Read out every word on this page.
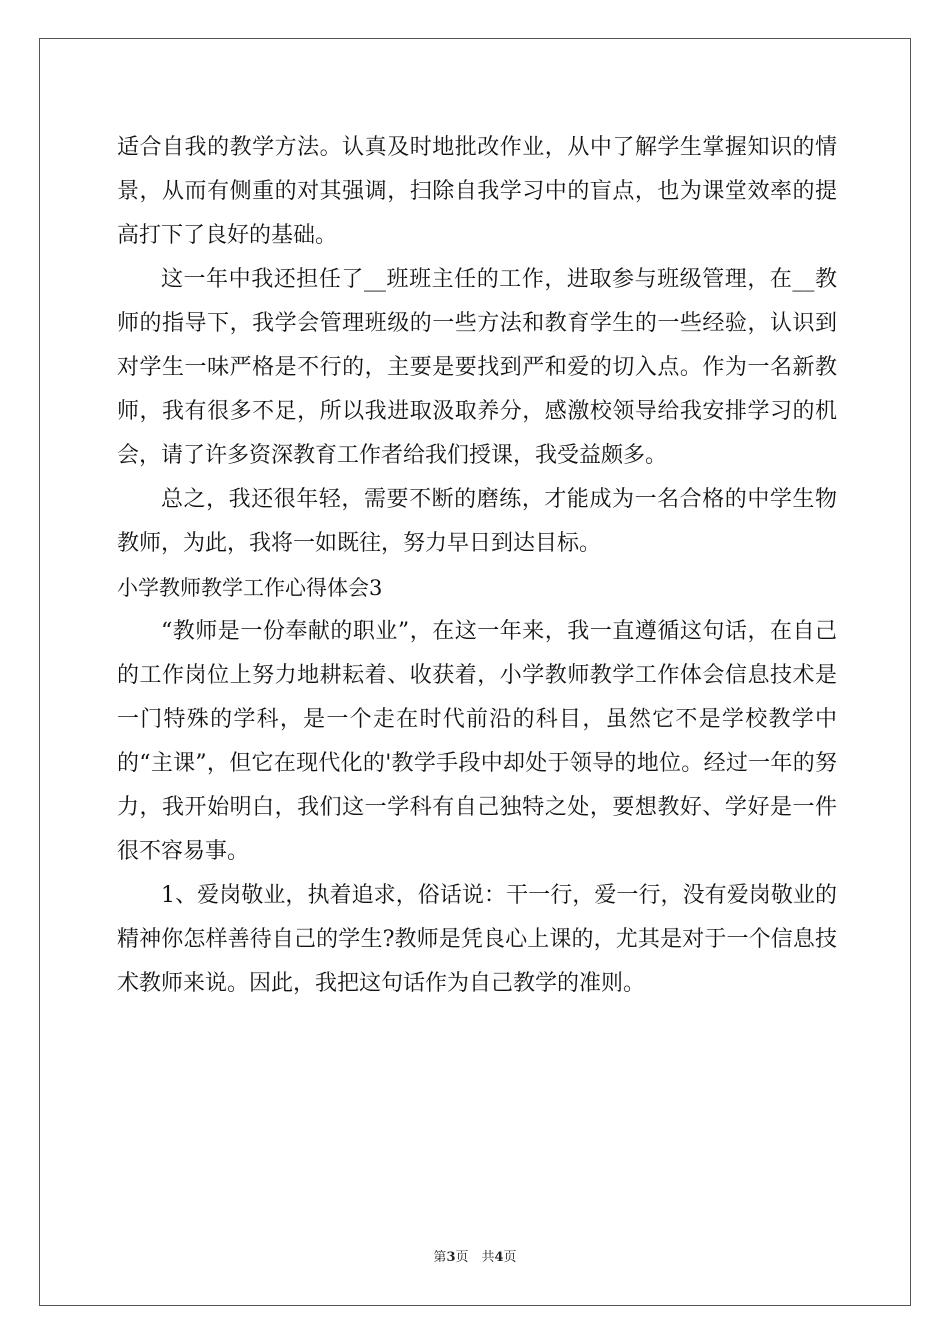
适合自我的教学方法。认真及时地批改作业，从中了解学生掌握知识的情景，从而有侧重的对其强调，扫除自我学习中的盲点，也为课堂效率的提高打下了良好的基础。

这一年中我还担任了__班班主任的工作，进取参与班级管理，在__教师的指导下，我学会管理班级的一些方法和教育学生的一些经验，认识到对学生一味严格是不行的，主要是要找到严和爱的切入点。作为一名新教师，我有很多不足，所以我进取汲取养分，感激校领导给我安排学习的机会，请了许多资深教育工作者给我们授课，我受益颇多。

总之，我还很年轻，需要不断的磨练，才能成为一名合格的中学生物教师，为此，我将一如既往，努力早日到达目标。

小学教师教学工作心得体会3

“教师是一份奉献的职业”，在这一年来，我一直遵循这句话，在自己的工作岗位上努力地耕耘着、收获着，小学教师教学工作体会信息技术是一门特殊的学科，是一个走在时代前沿的科目，虽然它不是学校教学中的“主课”，但它在现代化的'教学手段中却处于领导的地位。经过一年的努力，我开始明白，我们这一学科有自己独特之处，要想教好、学好是一件很不容易事。

1、爱岗敬业，执着追求，俗话说：干一行，爱一行，没有爱岗敬业的精神你怎样善待自己的学生?教师是凭良心上课的，尤其是对于一个信息技术教师来说。因此，我把这句话作为自己教学的准则。

第3页　共4页
